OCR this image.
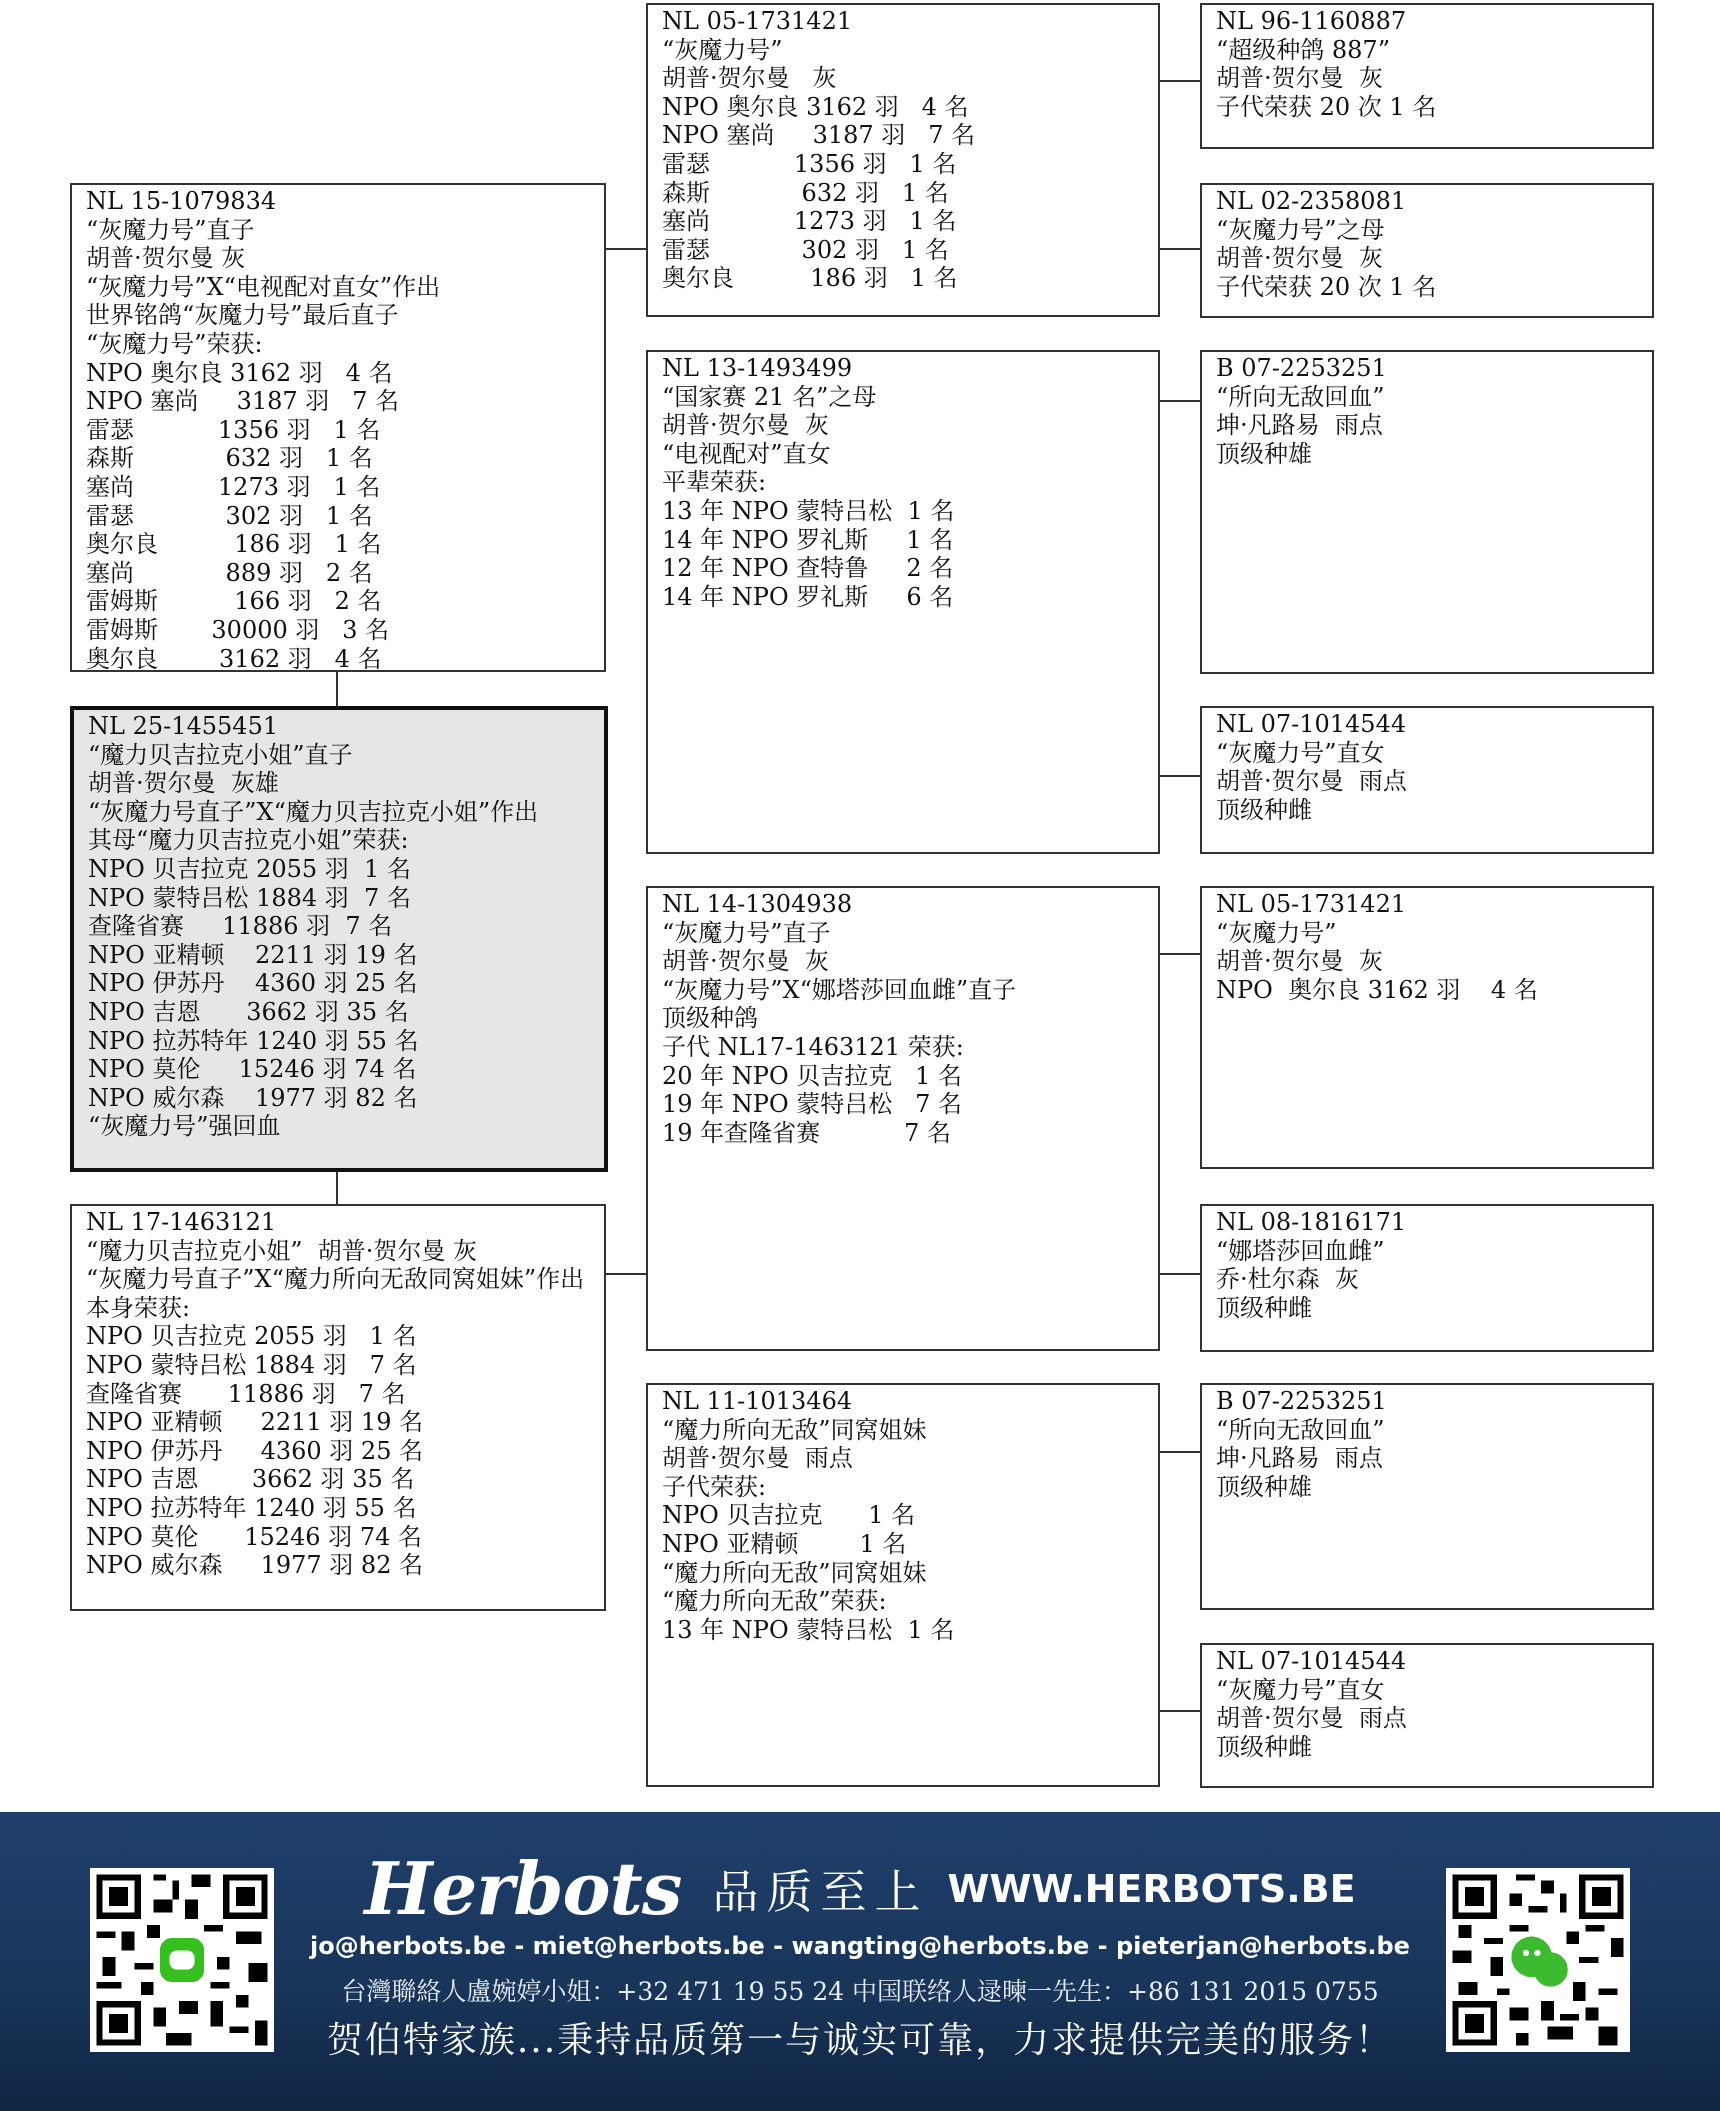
NL 25-1455451
“魔力贝吉拉克小姐”直子
胡普·贺尔曼  灰雄
“灰魔力号直子”X“魔力贝吉拉克小姐”作出
其母“魔力贝吉拉克小姐”荣获:
NPO 贝吉拉克 2055 羽  1 名
NPO 蒙特吕松 1884 羽  7 名
查隆省赛     11886 羽  7 名
NPO 亚精顿    2211 羽 19 名
NPO 伊苏丹    4360 羽 25 名
NPO 吉恩      3662 羽 35 名
NPO 拉苏特年 1240 羽 55 名
NPO 莫伦     15246 羽 74 名
NPO 威尔森    1977 羽 82 名
“灰魔力号”强回血
NL 15-1079834
“灰魔力号”直子
胡普·贺尔曼 灰
“灰魔力号”X“电视配对直女”作出
世界铭鸽“灰魔力号”最后直子
“灰魔力号”荣获:
NPO 奥尔良 3162 羽   4 名
NPO 塞尚     3187 羽   7 名
雷瑟           1356 羽   1 名
森斯            632 羽   1 名
塞尚           1273 羽   1 名
雷瑟            302 羽   1 名
奥尔良          186 羽   1 名
塞尚            889 羽   2 名
雷姆斯          166 羽   2 名
雷姆斯       30000 羽   3 名
奥尔良        3162 羽   4 名
NL 17-1463121
“魔力贝吉拉克小姐”  胡普·贺尔曼 灰
“灰魔力号直子”X“魔力所向无敌同窝姐妹”作出
本身荣获:
NPO 贝吉拉克 2055 羽   1 名
NPO 蒙特吕松 1884 羽   7 名
查隆省赛      11886 羽   7 名
NPO 亚精顿     2211 羽 19 名
NPO 伊苏丹     4360 羽 25 名
NPO 吉恩       3662 羽 35 名
NPO 拉苏特年 1240 羽 55 名
NPO 莫伦      15246 羽 74 名
NPO 威尔森     1977 羽 82 名
NL 05-1731421
“灰魔力号”
胡普·贺尔曼   灰
NPO 奥尔良 3162 羽   4 名
NPO 塞尚     3187 羽   7 名
雷瑟           1356 羽   1 名
森斯            632 羽   1 名
塞尚           1273 羽   1 名
雷瑟            302 羽   1 名
奥尔良          186 羽   1 名
NL 13-1493499
“国家赛 21 名”之母
胡普·贺尔曼  灰
“电视配对”直女
平辈荣获:
13 年 NPO 蒙特吕松  1 名
14 年 NPO 罗礼斯     1 名
12 年 NPO 查特鲁     2 名
14 年 NPO 罗礼斯     6 名
NL 14-1304938
“灰魔力号”直子
胡普·贺尔曼  灰
“灰魔力号”X“娜塔莎回血雌”直子
顶级种鸽
子代 NL17-1463121 荣获:
20 年 NPO 贝吉拉克   1 名
19 年 NPO 蒙特吕松   7 名
19 年查隆省赛           7 名
NL 11-1013464
“魔力所向无敌”同窝姐妹
胡普·贺尔曼  雨点
子代荣获:
NPO 贝吉拉克      1 名
NPO 亚精顿        1 名
“魔力所向无敌”同窝姐妹
“魔力所向无敌”荣获:
13 年 NPO 蒙特吕松  1 名
NL 96-1160887
“超级种鸽 887”
胡普·贺尔曼  灰
子代荣获 20 次 1 名
NL 02-2358081
“灰魔力号”之母
胡普·贺尔曼  灰
子代荣获 20 次 1 名
B 07-2253251
“所向无敌回血”
坤·凡路易  雨点
顶级种雄
NL 07-1014544
“灰魔力号”直女
胡普·贺尔曼  雨点
顶级种雌
NL 05-1731421
“灰魔力号”
胡普·贺尔曼  灰
NPO  奥尔良 3162 羽    4 名
NL 08-1816171
“娜塔莎回血雌”
乔·杜尔森  灰
顶级种雌
B 07-2253251
“所向无敌回血”
坤·凡路易  雨点
顶级种雄
NL 07-1014544
“灰魔力号”直女
胡普·贺尔曼  雨点
顶级种雌
Herbots 品质至上 WWW.HERBOTS.BE
jo@herbots.be - miet@herbots.be - wangting@herbots.be - pieterjan@herbots.be
台灣聯絡人盧婉婷小姐：+32 471 19 55 24 中国联络人逯暕一先生：+86 131 2015 0755
贺伯特家族...秉持品质第一与诚实可靠，力求提供完美的服务！
